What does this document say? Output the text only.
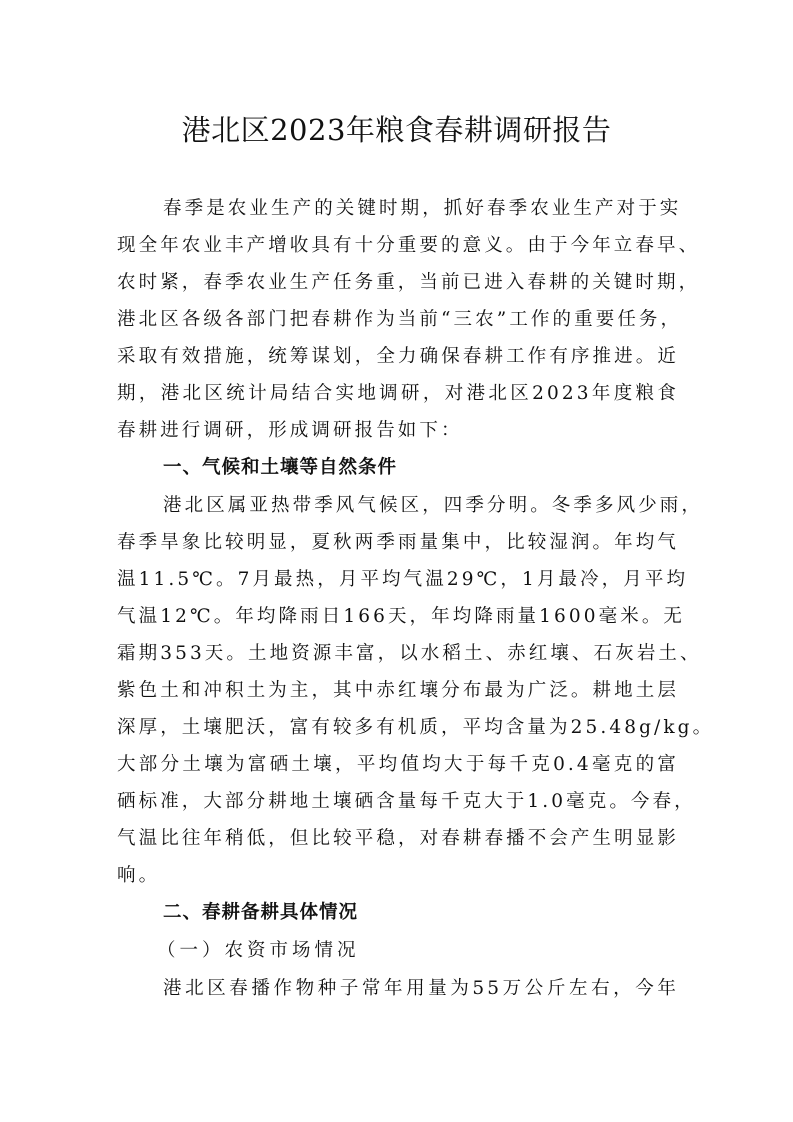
港北区2023年粮食春耕调研报告
春季是农业生产的关键时期，抓好春季农业生产对于实
现全年农业丰产增收具有十分重要的意义。由于今年立春早、
农时紧，春季农业生产任务重，当前已进入春耕的关键时期，
港北区各级各部门把春耕作为当前“三农”工作的重要任务，
采取有效措施，统筹谋划，全力确保春耕工作有序推进。近
期，港北区统计局结合实地调研，对港北区2023年度粮食
春耕进行调研，形成调研报告如下：
一、气候和土壤等自然条件
港北区属亚热带季风气候区，四季分明。冬季多风少雨，
春季旱象比较明显，夏秋两季雨量集中，比较湿润。年均气
温11.5℃。7月最热，月平均气温29℃，1月最冷，月平均
气温12℃。年均降雨日166天，年均降雨量1600毫米。无
霜期353天。土地资源丰富，以水稻土、赤红壤、石灰岩土、
紫色土和冲积土为主，其中赤红壤分布最为广泛。耕地土层
深厚，土壤肥沃，富有较多有机质，平均含量为25.48g/kg。
大部分土壤为富硒土壤，平均值均大于每千克0.4毫克的富
硒标准，大部分耕地土壤硒含量每千克大于1.0毫克。今春，
气温比往年稍低，但比较平稳，对春耕春播不会产生明显影
响。
二、春耕备耕具体情况
（一）农资市场情况
港北区春播作物种子常年用量为55万公斤左右，今年
